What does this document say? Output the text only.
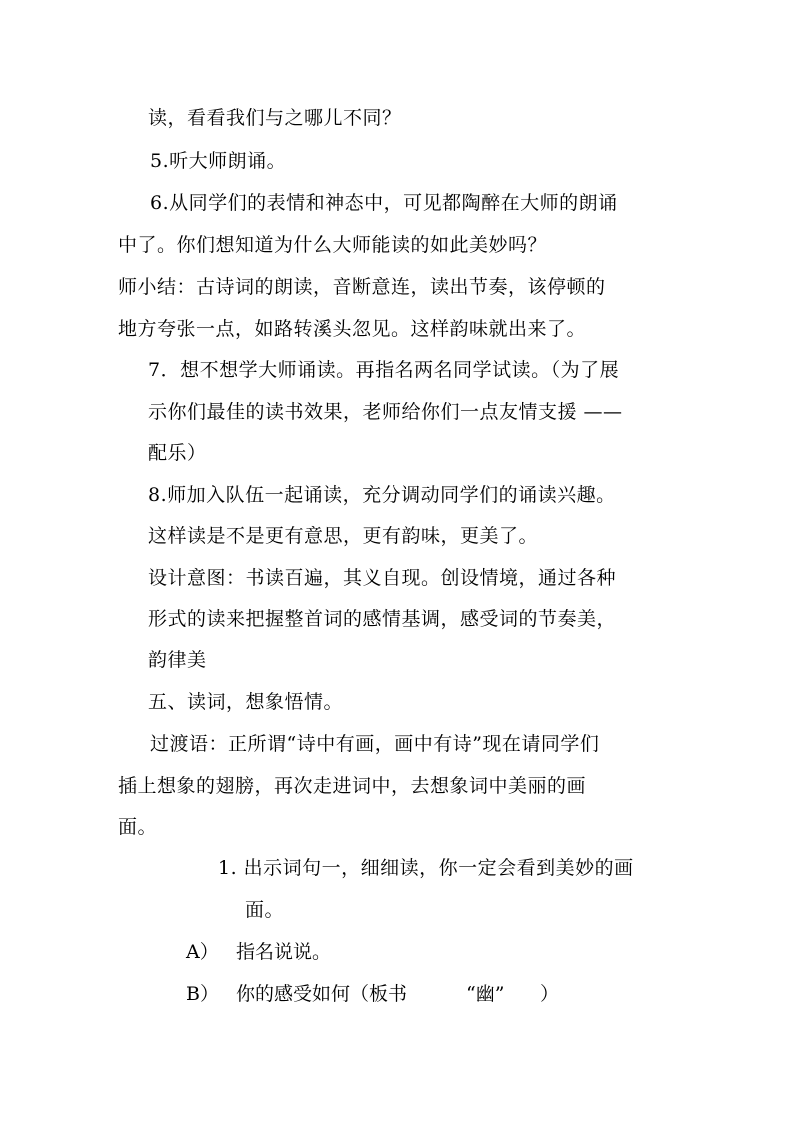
读，看看我们与之哪儿不同？
5.听大师朗诵。
6.从同学们的表情和神态中，可见都陶醉在大师的朗诵
中了。你们想知道为什么大师能读的如此美妙吗？
师小结：古诗词的朗读，音断意连，读出节奏，该停顿的
地方夸张一点，如路转溪头忽见。这样韵味就出来了。
7．想不想学大师诵读。再指名两名同学试读。（为了展
示你们最佳的读书效果，老师给你们一点友情支援 ——
配乐）
8.师加入队伍一起诵读，充分调动同学们的诵读兴趣。
这样读是不是更有意思，更有韵味，更美了。
设计意图：书读百遍，其义自现。创设情境，通过各种
形式的读来把握整首词的感情基调，感受词的节奏美，
韵律美
五、读词，想象悟情。
过渡语：正所谓“诗中有画，画中有诗”现在请同学们
插上想象的翅膀，再次走进词中，去想象词中美丽的画
面。
1. 出示词句一，细细读，你一定会看到美妙的画
面。
A） 指名说说。
B） 你的感受如何（板书	“幽” ）
